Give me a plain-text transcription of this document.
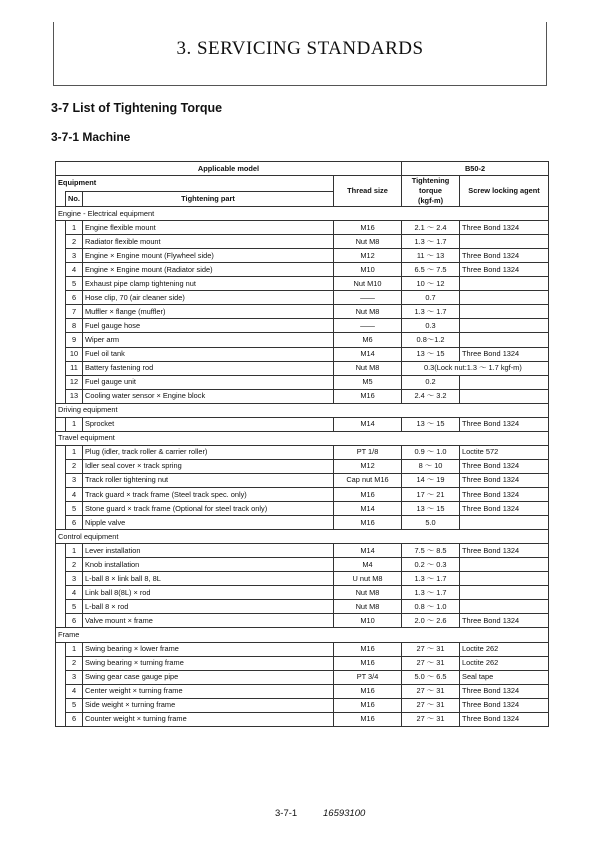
3. SERVICING STANDARDS
3-7 List of Tightening Torque
3-7-1 Machine
Applicable model				B50-2	
Equipment			Thread size	Tightening
torque
(kgf-m)	Screw locking agent
	No.	Tightening part			
Engine - Electrical equipment					
	1	Engine flexible mount	M16	2.1 ～ 2.4	Three Bond 1324
	2	Radiator flexible mount	Nut M8	1.3 ～ 1.7	
	3	Engine × Engine mount (Flywheel side)	M12	11 ～ 13	Three Bond 1324
	4	Engine × Engine mount (Radiator side)	M10	6.5 ～ 7.5	Three Bond 1324
	5	Exhaust pipe clamp tightening nut	Nut M10	10 ～ 12	
	6	Hose clip, 70 (air cleaner side)	――	0.7	
	7	Muffler × flange (muffler)	Nut M8	1.3 ～ 1.7	
	8	Fuel gauge hose	――	0.3	
	9	Wiper arm	M6	0.8～1.2	
	10	Fuel oil tank	M14	13 ～ 15	Three Bond 1324
	11	Battery fastening rod	Nut M8	0.3(Lock nut:1.3 ～ 1.7 kgf-m)	
	12	Fuel gauge unit	M5	0.2	
	13	Cooling water sensor × Engine block	M16	2.4 ～ 3.2	
Driving equipment					
	1	Sprocket	M14	13 ～ 15	Three Bond 1324
Travel equipment					
	1	Plug (idler, track roller & carrier roller)	PT 1/8	0.9 ～ 1.0	Loctite 572
	2	Idler seal cover × track spring	M12	8 ～ 10	Three Bond 1324
	3	Track roller tightening nut	Cap nut M16	14 ～ 19	Three Bond 1324
	4	Track guard × track frame (Steel track spec. only)	M16	17 ～ 21	Three Bond 1324
	5	Stone guard × track frame (Optional for steel track only)	M14	13 ～ 15	Three Bond 1324
	6	Nipple valve	M16	5.0	
Control equipment					
	1	Lever installation	M14	7.5 ～ 8.5	Three Bond 1324
	2	Knob installation	M4	0.2 ～ 0.3	
	3	L-ball 8 × link ball 8, 8L	U nut M8	1.3 ～ 1.7	
	4	Link ball 8(8L) × rod	Nut M8	1.3 ～ 1.7	
	5	L-ball 8 × rod	Nut M8	0.8 ～ 1.0	
	6	Valve mount × frame	M10	2.0 ～ 2.6	Three Bond 1324
Frame					
	1	Swing bearing × lower frame	M16	27 ～ 31	Loctite 262
	2	Swing bearing × turning frame	M16	27 ～ 31	Loctite 262
	3	Swing gear case gauge pipe	PT 3/4	5.0 ～ 6.5	Seal tape
	4	Center weight × turning frame	M16	27 ～ 31	Three Bond 1324
	5	Side weight × turning frame	M16	27 ～ 31	Three Bond 1324
	6	Counter weight × turning frame	M16	27 ～ 31	Three Bond 1324
3-7-1	16593100
